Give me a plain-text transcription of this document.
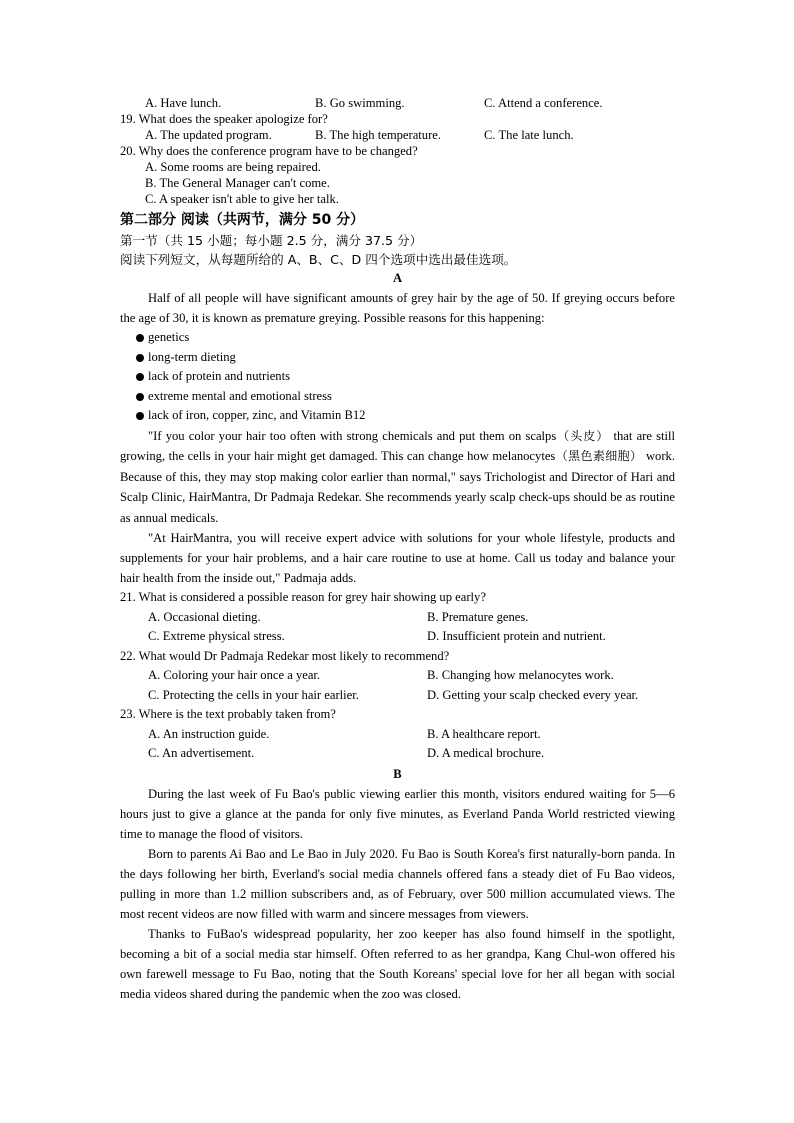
A. Have lunch.	B. Go swimming.	C. Attend a conference.
19. What does the speaker apologize for?
A. The updated program.	B. The high temperature.	C. The late lunch.
20. Why does the conference program have to be changed?
A. Some rooms are being repaired.
B. The General Manager can't come.
C. A speaker isn't able to give her talk.
第二部分 阅读（共两节，满分 50 分）
第一节（共 15 小题；每小题 2.5 分，满分 37.5 分）
阅读下列短文，从每题所给的 A、B、C、D 四个选项中选出最佳选项。
A

Half of all people will have significant amounts of grey hair by the age of 50. If greying occurs before the age of 30, it is known as premature greying. Possible reasons for this happening:

genetics
long-term dieting
lack of protein and nutrients
extreme mental and emotional stress
lack of iron, copper, zinc, and Vitamin B12

"If you color your hair too often with strong chemicals and put them on scalps（头皮） that are still growing, the cells in your hair might get damaged. This can change how melanocytes（黑色素细胞） work. Because of this, they may stop making color earlier than normal," says Trichologist and Director of Hari and Scalp Clinic, HairMantra, Dr Padmaja Redekar. She recommends yearly scalp check-ups should be as routine as annual medicals.

"At HairMantra, you will receive expert advice with solutions for your whole lifestyle, products and supplements for your hair problems, and a hair care routine to use at home. Call us today and balance your hair health from the inside out," Padmaja adds.

21. What is considered a possible reason for grey hair showing up early?
A. Occasional dieting.	B. Premature genes.
C. Extreme physical stress.	D. Insufficient protein and nutrient.
22. What would Dr Padmaja Redekar most likely to recommend?
A. Coloring your hair once a year.	B. Changing how melanocytes work.
C. Protecting the cells in your hair earlier.	D. Getting your scalp checked every year.
23. Where is the text probably taken from?
A. An instruction guide.	B. A healthcare report.
C. An advertisement.	D. A medical brochure.
B

During the last week of Fu Bao's public viewing earlier this month, visitors endured waiting for 5—6 hours just to give a glance at the panda for only five minutes, as Everland Panda World restricted viewing time to manage the flood of visitors.

Born to parents Ai Bao and Le Bao in July 2020. Fu Bao is South Korea's first naturally-born panda. In the days following her birth, Everland's social media channels offered fans a steady diet of Fu Bao videos, pulling in more than 1.2 million subscribers and, as of February, over 500 million accumulated views. The most recent videos are now filled with warm and sincere messages from viewers.

Thanks to FuBao's widespread popularity, her zoo keeper has also found himself in the spotlight, becoming a bit of a social media star himself. Often referred to as her grandpa, Kang Chul-won offered his own farewell message to Fu Bao, noting that the South Koreans' special love for her all began with social media videos shared during the pandemic when the zoo was closed.
